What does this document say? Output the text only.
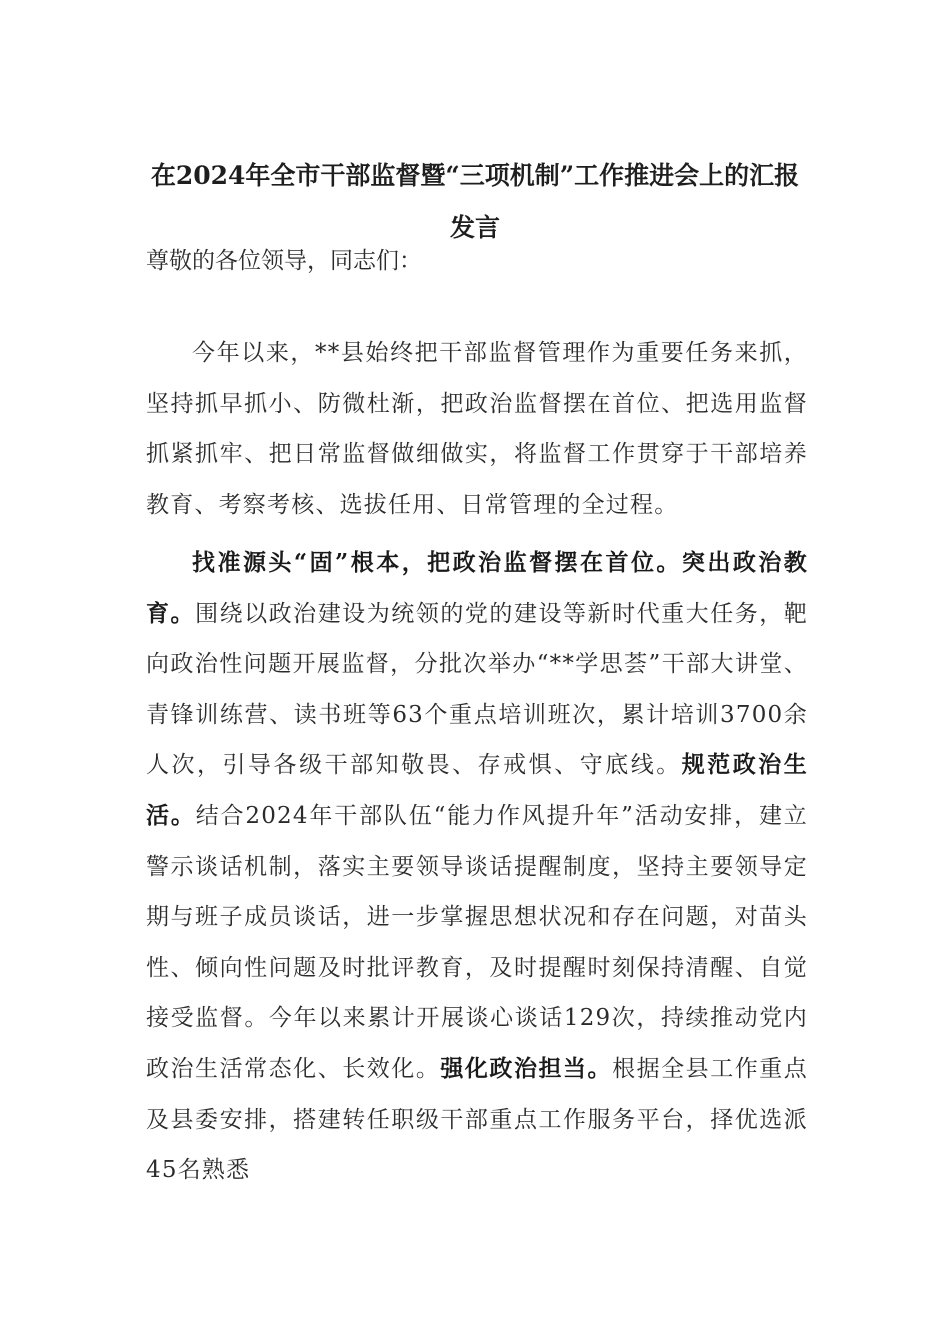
在2024年全市干部监督暨“三项机制”工作推进会上的汇报发言
尊敬的各位领导，同志们：

今年以来，**县始终把干部监督管理作为重要任务来抓，坚持抓早抓小、防微杜渐，把政治监督摆在首位、把选用监督抓紧抓牢、把日常监督做细做实，将监督工作贯穿于干部培养教育、考察考核、选拔任用、日常管理的全过程。

找准源头“固”根本，把政治监督摆在首位。突出政治教育。围绕以政治建设为统领的党的建设等新时代重大任务，靶向政治性问题开展监督，分批次举办“**学思荟”干部大讲堂、青锋训练营、读书班等63个重点培训班次，累计培训3700余人次，引导各级干部知敬畏、存戒惧、守底线。规范政治生活。结合2024年干部队伍“能力作风提升年”活动安排，建立警示谈话机制，落实主要领导谈话提醒制度，坚持主要领导定期与班子成员谈话，进一步掌握思想状况和存在问题，对苗头性、倾向性问题及时批评教育，及时提醒时刻保持清醒、自觉接受监督。今年以来累计开展谈心谈话129次，持续推动党内政治生活常态化、长效化。强化政治担当。根据全县工作重点及县委安排，搭建转任职级干部重点工作服务平台，择优选派45名熟悉
